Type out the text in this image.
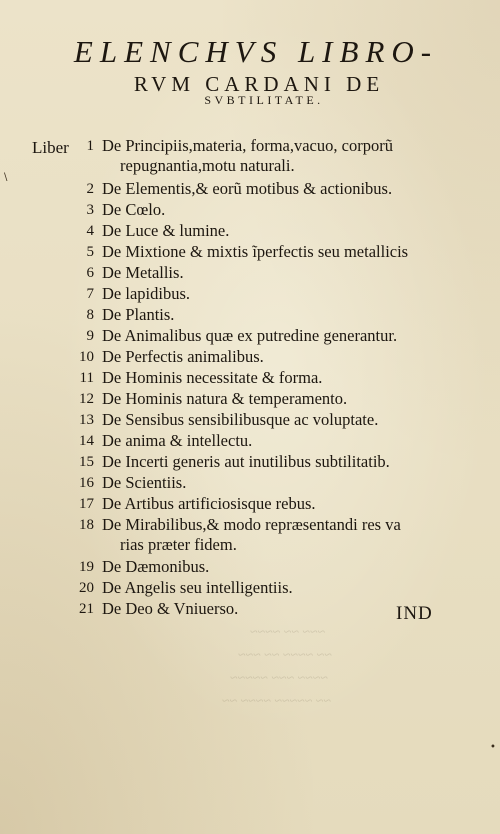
~~~ ~~ ~~~~
~~ ~~~~ ~~ ~~~
~~~~ ~~~ ~~~~~
~~ ~~~~~ ~~~~ ~~
ELENCHVS LIBRO-
RVM CARDANI DE
SVBTILITATE.
Liber 1 De Principiis,materia, forma,vacuo, corporũ
repugnantia,motu naturali.
2 De Elementis,& eorũ motibus & actionibus.
3 De Cœlo.
4 De Luce & lumine.
5 De Mixtione & mixtis ĩperfectis seu metallicis
6 De Metallis.
7 De lapidibus.
8 De Plantis.
9 De Animalibus quæ ex putredine generantur.
10 De Perfectis animalibus.
11 De Hominis necessitate & forma.
12 De Hominis natura & temperamento.
13 De Sensibus sensibilibusque ac voluptate.
14 De anima & intellectu.
15 De Incerti generis aut inutilibus subtilitatib.
16 De Scientiis.
17 De Artibus artificiosisque rebus.
18 De Mirabilibus,& modo repræsentandi res va
rias præter fidem.
19 De Dæmonibus.
20 De Angelis seu intelligentiis.
21 De Deo & Vniuerso.	IND
\
•
